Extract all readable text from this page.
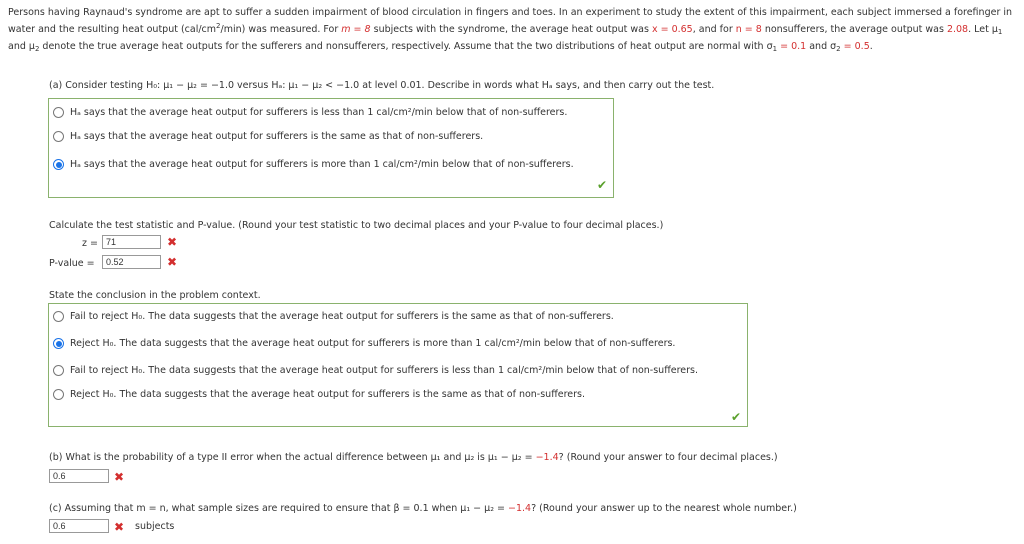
Persons having Raynaud's syndrome are apt to suffer a sudden impairment of blood circulation in fingers and toes. In an experiment to study the extent of this impairment, each subject immersed a forefinger in water and the resulting heat output $(cal/cm^2/\min)$ was measured. For m = 8 subjects with the syndrome, the average heat output was x = 0.65, and for n = 8 nonsufferers, the average output was 2.08. Let $\mu_1$ and $\mu_2$ denote the true average heat outputs for the sufferers and nonsufferers, respectively. Assume that the two distributions of heat output are normal with $\sigma_1 = 0.1$ and $\sigma_2 = 0.5$.
(a) Consider testing H₀: μ₁ − μ₂ = −1.0 versus Hₐ: μ₁ − μ₂ < −1.0 at level 0.01. Describe in words what Hₐ says, and then carry out the test.
Hₐ says that the average heat output for sufferers is less than 1 cal/cm²/min below that of non-sufferers.
Hₐ says that the average heat output for sufferers is the same as that of non-sufferers.
Hₐ says that the average heat output for sufferers is more than 1 cal/cm²/min below that of non-sufferers.
✔
Calculate the test statistic and P-value. (Round your test statistic to two decimal places and your P-value to four decimal places.)
z =
71	✖
P-value =
0.52	✖
State the conclusion in the problem context.
Fail to reject H₀. The data suggests that the average heat output for sufferers is the same as that of non-sufferers.
Reject H₀. The data suggests that the average heat output for sufferers is more than 1 cal/cm²/min below that of non-sufferers.
Fail to reject H₀. The data suggests that the average heat output for sufferers is less than 1 cal/cm²/min below that of non-sufferers.
Reject H₀. The data suggests that the average heat output for sufferers is the same as that of non-sufferers.
✔
(b) What is the probability of a type II error when the actual difference between μ₁ and μ₂ is μ₁ − μ₂ = −1.4? (Round your answer to four decimal places.)
0.6
✖
(c) Assuming that m = n, what sample sizes are required to ensure that β = 0.1 when μ₁ − μ₂ = −1.4? (Round your answer up to the nearest whole number.)
0.6
✖ subjects
